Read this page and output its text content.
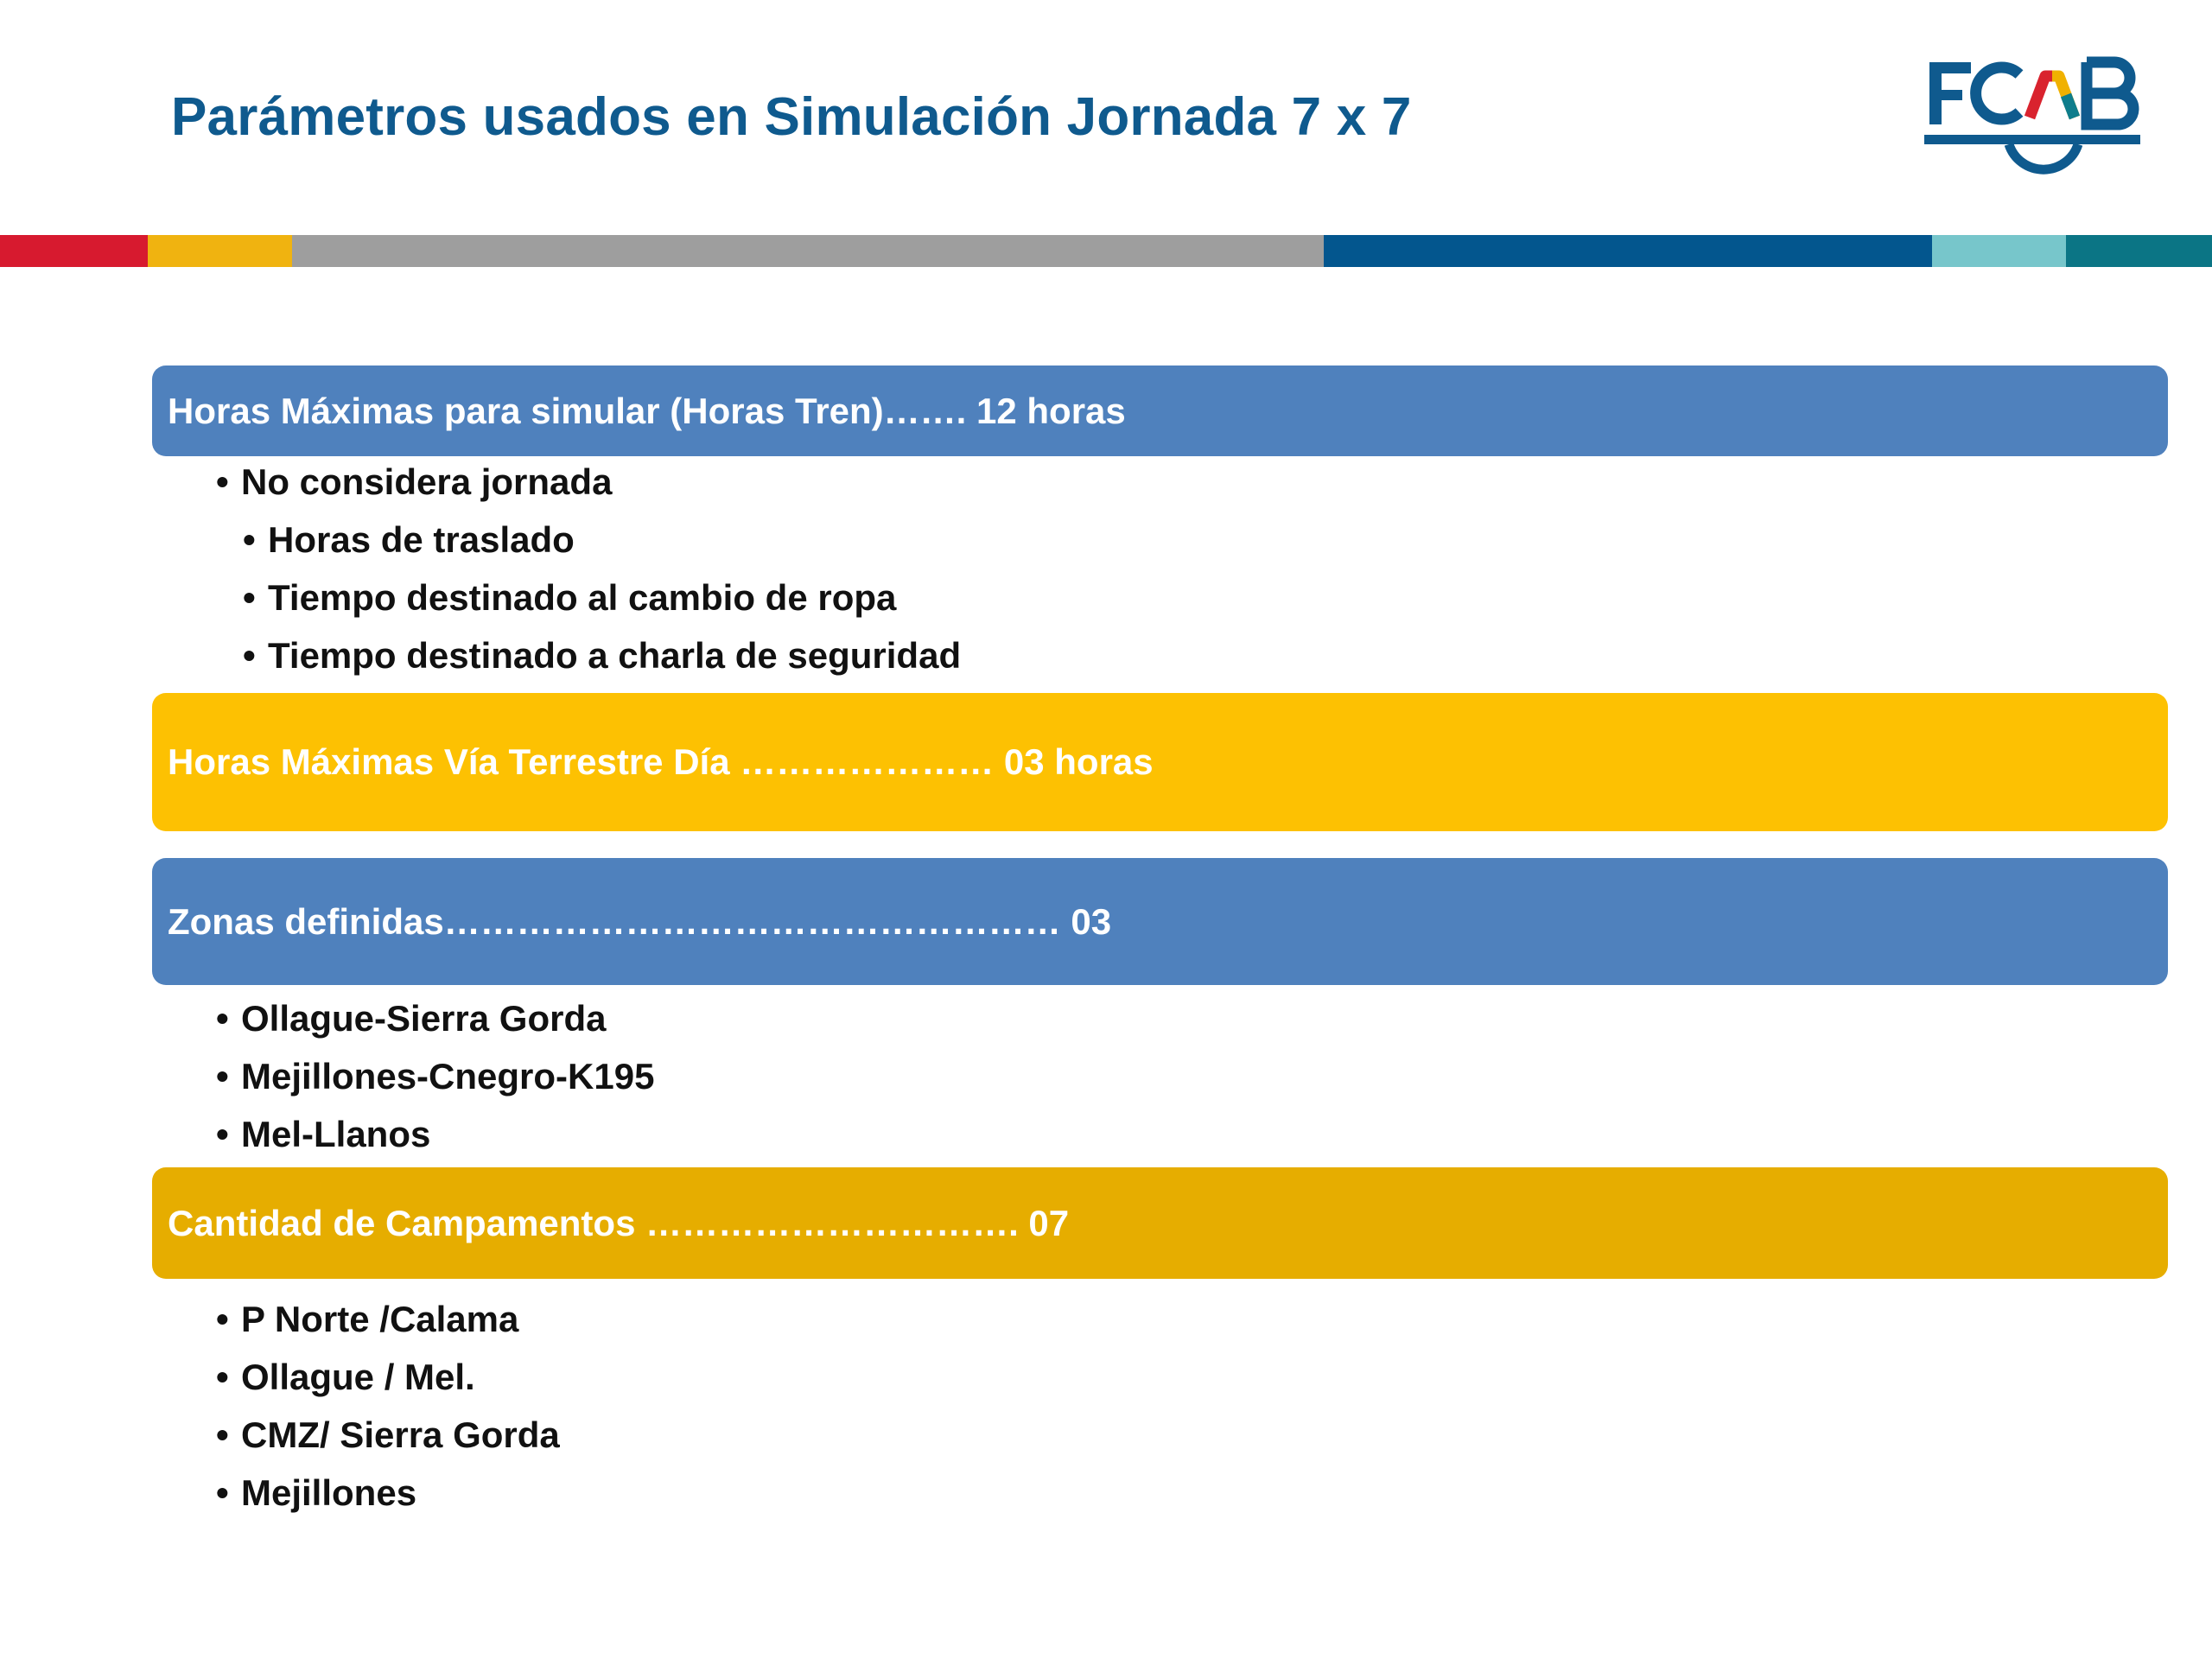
Parámetros usados en Simulación Jornada 7 x 7
Horas Máximas para simular (Horas Tren)……. 12 horas
• No considera jornada
• Horas de traslado
• Tiempo destinado al cambio de ropa
• Tiempo destinado a charla de seguridad
Horas Máximas Vía Terrestre Día ………………… 03 horas
Zonas definidas…………………………………………… 03
• Ollague-Sierra Gorda
• Mejillones-Cnegro-K195
• Mel-Llanos
Cantidad de Campamentos …………………………. 07
• P Norte /Calama
• Ollague / Mel.
• CMZ/ Sierra Gorda
• Mejillones
